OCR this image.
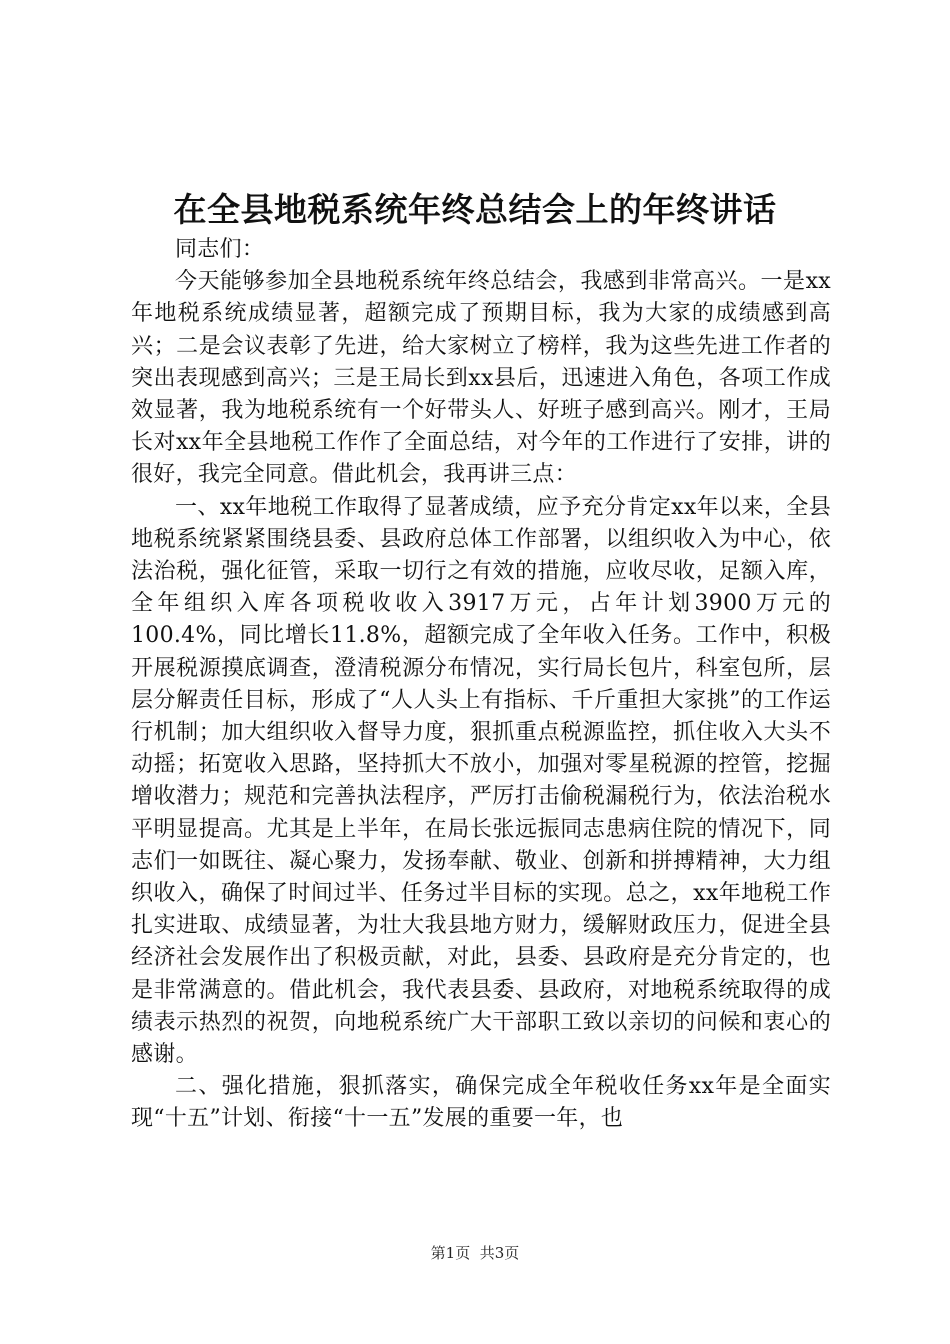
在全县地税系统年终总结会上的年终讲话

同志们：

今天能够参加全县地税系统年终总结会，我感到非常高兴。一是xx年地税系统成绩显著，超额完成了预期目标，我为大家的成绩感到高兴；二是会议表彰了先进，给大家树立了榜样，我为这些先进工作者的突出表现感到高兴；三是王局长到xx县后，迅速进入角色，各项工作成效显著，我为地税系统有一个好带头人、好班子感到高兴。刚才，王局长对xx年全县地税工作作了全面总结，对今年的工作进行了安排，讲的很好，我完全同意。借此机会，我再讲三点：

一、xx年地税工作取得了显著成绩，应予充分肯定xx年以来，全县地税系统紧紧围绕县委、县政府总体工作部署，以组织收入为中心，依法治税，强化征管，采取一切行之有效的措施，应收尽收，足额入库，全年组织入库各项税收收入3917万元，占年计划3900万元的100.4%，同比增长11.8%，超额完成了全年收入任务。工作中，积极开展税源摸底调查，澄清税源分布情况，实行局长包片，科室包所，层层分解责任目标，形成了“人人头上有指标、千斤重担大家挑”的工作运行机制；加大组织收入督导力度，狠抓重点税源监控，抓住收入大头不动摇；拓宽收入思路，坚持抓大不放小，加强对零星税源的控管，挖掘增收潜力；规范和完善执法程序，严厉打击偷税漏税行为，依法治税水平明显提高。尤其是上半年，在局长张远振同志患病住院的情况下，同志们一如既往、凝心聚力，发扬奉献、敬业、创新和拼搏精神，大力组织收入，确保了时间过半、任务过半目标的实现。总之，xx年地税工作扎实进取、成绩显著，为壮大我县地方财力，缓解财政压力，促进全县经济社会发展作出了积极贡献，对此，县委、县政府是充分肯定的，也是非常满意的。借此机会，我代表县委、县政府，对地税系统取得的成绩表示热烈的祝贺，向地税系统广大干部职工致以亲切的问候和衷心的感谢。

二、强化措施，狠抓落实，确保完成全年税收任务xx年是全面实现“十五”计划、衔接“十一五”发展的重要一年，也

第1页 共3页
